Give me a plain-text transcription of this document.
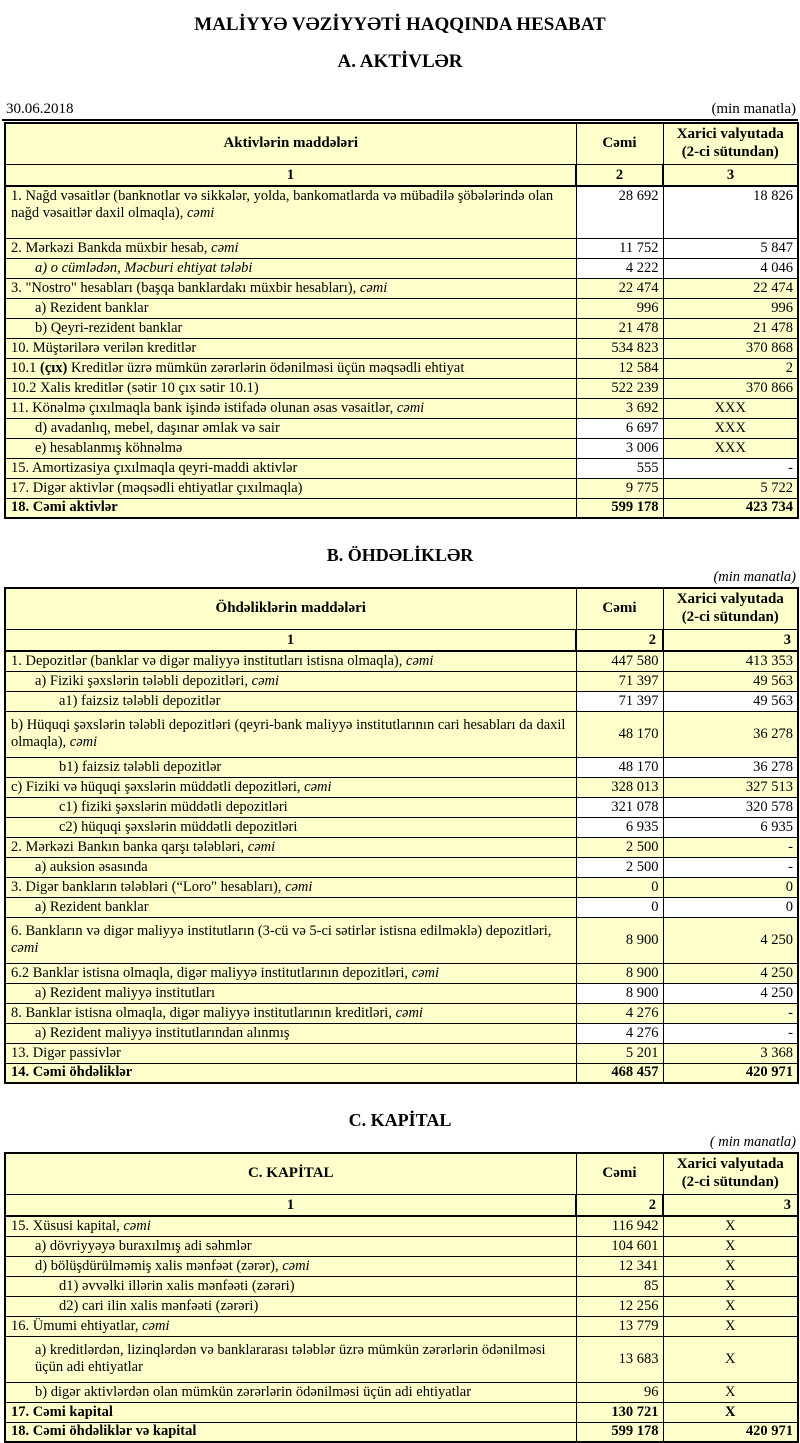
MALİYYƏ VƏZİYYƏTİ HAQQINDA HESABAT
A. AKTİVLƏR
30.06.2018	(min manatla)
Aktivlərin maddələri	Cəmi	Xarici valyutada
(2-ci sütundan)

1	2	3
1. Nağd vəsaitlər (banknotlar və sikkələr, yolda, bankomatlarda və mübadilə şöbələrində olan nağd vəsaitlər daxil olmaqla), cəmi	28 692	18 826
2. Mərkəzi Bankda müxbir hesab, cəmi	11 752	5 847
a) o cümlədən, Məcburi ehtiyat tələbi	4 222	4 046
3. "Nostro" hesabları (başqa banklardakı müxbir hesabları), cəmi	22 474	22 474
a) Rezident banklar	996	996
b) Qeyri-rezident banklar	21 478	21 478
10. Müştərilərə verilən kreditlər	534 823	370 868
10.1 (çıx) Kreditlər üzrə mümkün zərərlərin ödənilməsi üçün məqsədli ehtiyat	12 584	2
10.2 Xalis kreditlər (sətir 10 çıx sətir 10.1)	522 239	370 866
11. Könəlmə çıxılmaqla bank işində istifadə olunan əsas vəsaitlər, cəmi	3 692	XXX
d) avadanlıq, mebel, daşınar əmlak və sair	6 697	XXX
e) hesablanmış köhnəlmə	3 006	XXX
15. Amortizasiya çıxılmaqla qeyri-maddi aktivlər	555	-
17. Digər aktivlər (məqsədli ehtiyatlar çıxılmaqla)	9 775	5 722
18. Cəmi aktivlər	599 178	423 734
B. ÖHDƏLİKLƏR
(min manatla)
Öhdəliklərin maddələri	Cəmi	Xarici valyutada
(2-ci sütundan)

1	2	3
1. Depozitlər (banklar və digər maliyyə institutları istisna olmaqla), cəmi	447 580	413 353
a) Fiziki şəxslərin tələbli depozitləri, cəmi	71 397	49 563
a1) faizsiz tələbli depozitlər	71 397	49 563
b) Hüquqi şəxslərin tələbli depozitləri (qeyri-bank maliyyə institutlarının cari hesabları da daxil olmaqla), cəmi	48 170	36 278
b1) faizsiz tələbli depozitlər	48 170	36 278
c) Fiziki və hüquqi şəxslərin müddətli depozitləri, cəmi	328 013	327 513
c1) fiziki şəxslərin müddətli depozitləri	321 078	320 578
c2) hüquqi şəxslərin müddətli depozitləri	6 935	6 935
2. Mərkəzi Bankın banka qarşı tələbləri, cəmi	2 500	-
a) auksion əsasında	2 500	-
3. Digər bankların tələbləri (“Loro" hesabları), cəmi	0	0
a) Rezident banklar	0	0
6. Bankların və digər maliyyə institutların (3-cü və 5-ci sətirlər istisna edilməklə) depozitləri, cəmi	8 900	4 250
6.2 Banklar istisna olmaqla, digər maliyyə institutlarının depozitləri, cəmi	8 900	4 250
a) Rezident maliyyə institutları	8 900	4 250
8. Banklar istisna olmaqla, digər maliyyə institutlarının kreditləri, cəmi	4 276	-
a) Rezident maliyyə institutlarından alınmış	4 276	-
13. Digər passivlər	5 201	3 368
14. Cəmi öhdəliklər	468 457	420 971
C. KAPİTAL
( min manatla)
C. KAPİTAL	Cəmi	Xarici valyutada
(2-ci sütundan)

1	2	3
15. Xüsusi kapital, cəmi	116 942	X
a) dövriyyəyə buraxılmış adi səhmlər	104 601	X
d) bölüşdürülməmiş xalis mənfəət (zərər), cəmi	12 341	X
d1) əvvəlki illərin xalis mənfəəti (zərəri)	85	X
d2) cari ilin xalis mənfəəti (zərəri)	12 256	X
16. Ümumi ehtiyatlar, cəmi	13 779	X
a) kreditlərdən, lizinqlərdən və banklararası tələblər üzrə mümkün zərərlərin ödənilməsi üçün adi ehtiyatlar	13 683	X
b) digər aktivlərdən olan mümkün zərərlərin ödənilməsi üçün adi ehtiyatlar	96	X
17. Cəmi kapital	130 721	X
18. Cəmi öhdəliklər və kapital	599 178	420 971
